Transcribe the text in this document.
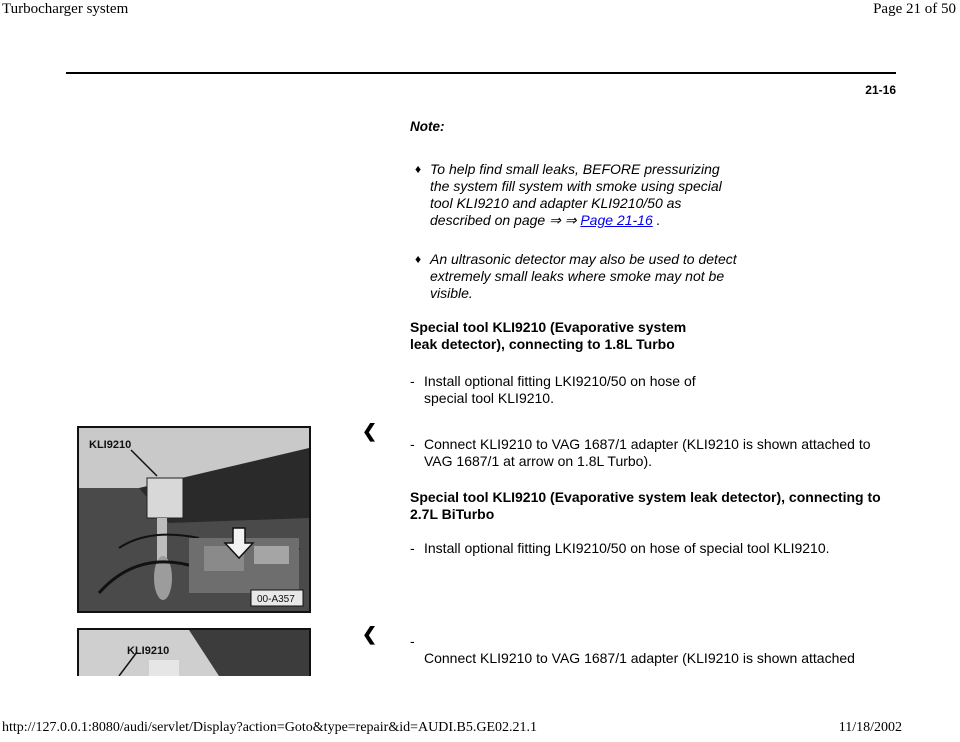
Turbocharger system	Page 21 of 50
21-16
Note:
♦ To help find small leaks, BEFORE pressurizing the system fill system with smoke using special tool KLI9210 and adapter KLI9210/50 as described on page ⇒ ⇒ Page 21-16 .
♦ An ultrasonic detector may also be used to detect extremely small leaks where smoke may not be visible.
Special tool KLI9210 (Evaporative system leak detector), connecting to 1.8L Turbo
- Install optional fitting LKI9210/50 on hose of special tool KLI9210.
KLI9210
00-A357
❮
- Connect KLI9210 to VAG 1687/1 adapter (KLI9210 is shown attached to VAG 1687/1 at arrow on 1.8L Turbo).
Special tool KLI9210 (Evaporative system leak detector), connecting to 2.7L BiTurbo
- Install optional fitting LKI9210/50 on hose of special tool KLI9210.
KLI9210
❮ -
Connect KLI9210 to VAG 1687/1 adapter (KLI9210 is shown attached
http://127.0.0.1:8080/audi/servlet/Display?action=Goto&type=repair&id=AUDI.B5.GE02.21.1	11/18/2002
